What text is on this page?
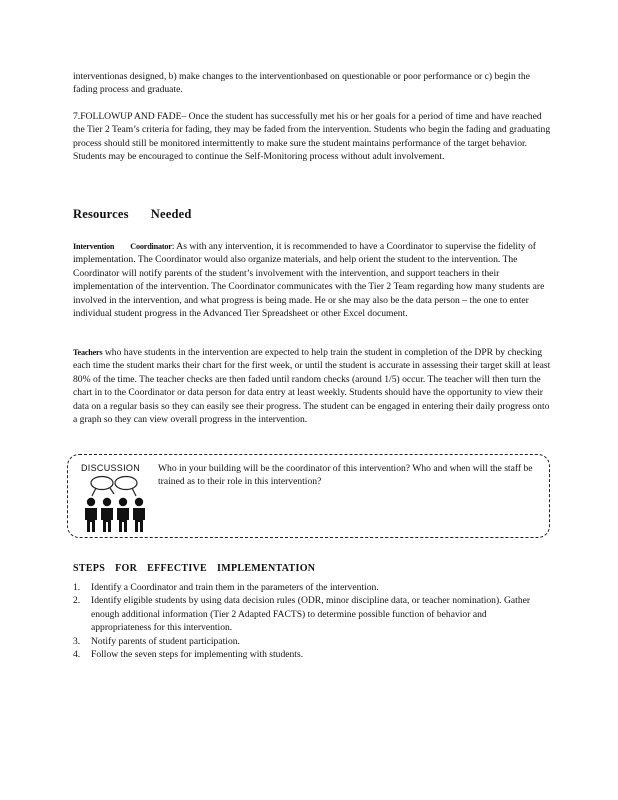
interventionas designed, b) make changes to the interventionbased on questionable or poor performance or c) begin the fading process and graduate.

7.FOLLOWUP AND FADE– Once the student has successfully met his or her goals for a period of time and have reached the Tier 2 Team’s criteria for fading, they may be faded from the intervention. Students who begin the fading and graduating process should still be monitored intermittently to make sure the student maintains performance of the target behavior. Students may be encouraged to continue the Self-Monitoring process without adult involvement.

Resources Needed

Intervention Coordinator: As with any intervention, it is recommended to have a Coordinator to supervise the fidelity of implementation. The Coordinator would also organize materials, and help orient the student to the intervention. The Coordinator will notify parents of the student’s involvement with the intervention, and support teachers in their implementation of the intervention. The Coordinator communicates with the Tier 2 Team regarding how many students are involved in the intervention, and what progress is being made. He or she may also be the data person – the one to enter individual student progress in the Advanced Tier Spreadsheet or other Excel document.

Teachers who have students in the intervention are expected to help train the student in completion of the DPR by checking each time the student marks their chart for the first week, or until the student is accurate in assessing their target skill at least 80% of the time. The teacher checks are then faded until random checks (around 1/5) occur. The teacher will then turn the chart in to the Coordinator or data person for data entry at least weekly. Students should have the opportunity to view their data on a regular basis so they can easily see their progress. The student can be engaged in entering their daily progress onto a graph so they can view overall progress in the intervention.

DISCUSSION Who in your building will be the coordinator of this intervention? Who and when will the staff be trained as to their role in this intervention?

STEPS FOR EFFECTIVE IMPLEMENTATION
1. Identify a Coordinator and train them in the parameters of the intervention.
2. Identify eligible students by using data decision rules (ODR, minor discipline data, or teacher nomination). Gather enough additional information (Tier 2 Adapted FACTS) to determine possible function of behavior and appropriateness for this intervention.
3. Notify parents of student participation.
4. Follow the seven steps for implementing with students.
